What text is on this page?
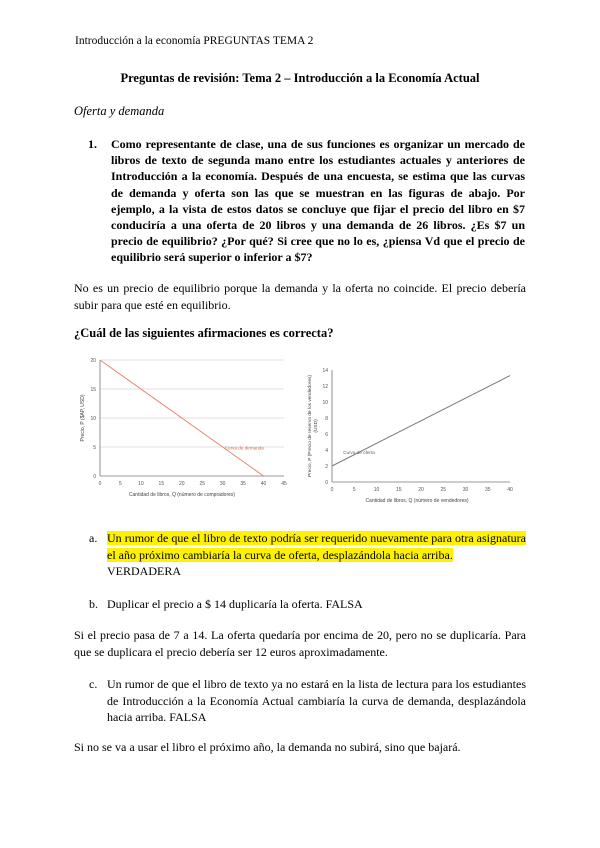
Introducción a la economía PREGUNTAS TEMA 2
Preguntas de revisión: Tema 2 – Introducción a la Economía Actual
Oferta y demanda
1. Como representante de clase, una de sus funciones es organizar un mercado de libros de texto de segunda mano entre los estudiantes actuales y anteriores de Introducción a la economía. Después de una encuesta, se estima que las curvas de demanda y oferta son las que se muestran en las figuras de abajo. Por ejemplo, a la vista de estos datos se concluye que fijar el precio del libro en $7 conduciría a una oferta de 20 libros y una demanda de 26 libros. ¿Es $7 un precio de equilibrio? ¿Por qué? Si cree que no lo es, ¿piensa Vd que el precio de equilibrio será superior o inferior a $7?
No es un precio de equilibrio porque la demanda y la oferta no coincide. El precio debería subir para que esté en equilibrio.
¿Cuál de las siguientes afirmaciones es correcta?
0	5	10	15	20	25	30	35	40	45
0
5
10
15
20
Curva de demanda
Cantidad de libros, Q (número de compradores)
Precio, P ($AP, USD)
0	5	10	15	20	25	30	35	40
0
2
4
6
8
10
12
14
Curva de oferta
Cantidad de libros, Q (número de vendedores)
Precio, P (Precio de reserva de los vendedores)(USD)
a. Un rumor de que el libro de texto podría ser requerido nuevamente para otra asignatura el año próximo cambiaría la curva de oferta, desplazándola hacia arriba.
VERDADERA
b. Duplicar el precio a $ 14 duplicaría la oferta. FALSA
Si el precio pasa de 7 a 14. La oferta quedaría por encima de 20, pero no se duplicaría. Para que se duplicara el precio debería ser 12 euros aproximadamente.
c. Un rumor de que el libro de texto ya no estará en la lista de lectura para los estudiantes de Introducción a la Economía Actual cambiaría la curva de demanda, desplazándola hacia arriba. FALSA
Si no se va a usar el libro el próximo año, la demanda no subirá, sino que bajará.
